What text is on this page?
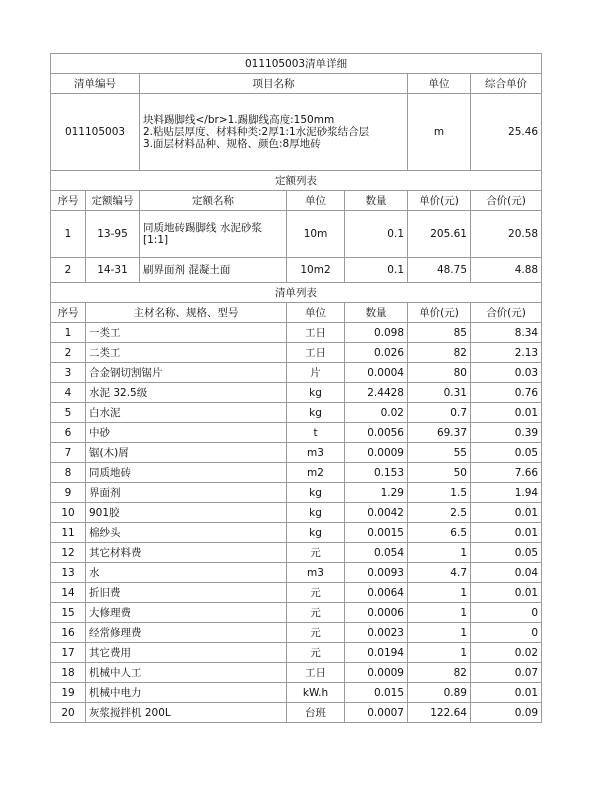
011105003清单详细						
清单编号		项目名称			单位	综合单价
011105003		块料踢脚线</br>1.踢脚线高度:150mm
2.粘贴层厚度、材料种类:2厚1:1水泥砂浆结合层
3.面层材料品种、规格、颜色:8厚地砖			m	25.46
定额列表						
序号	定额编号	定额名称	单位	数量	单价(元)	合价(元)
1	13-95	同质地砖踢脚线 水泥砂浆[1:1]	10m	0.1	205.61	20.58
2	14-31	刷界面剂 混凝土面	10m2	0.1	48.75	4.88
清单列表						
序号	主材名称、规格、型号		单位	数量	单价(元)	合价(元)
1	一类工		工日	0.098	85	8.34
2	二类工		工日	0.026	82	2.13
3	合金钢切割锯片		片	0.0004	80	0.03
4	水泥 32.5级		kg	2.4428	0.31	0.76
5	白水泥		kg	0.02	0.7	0.01
6	中砂		t	0.0056	69.37	0.39
7	锯(木)屑		m3	0.0009	55	0.05
8	同质地砖		m2	0.153	50	7.66
9	界面剂		kg	1.29	1.5	1.94
10	901胶		kg	0.0042	2.5	0.01
11	棉纱头		kg	0.0015	6.5	0.01
12	其它材料费		元	0.054	1	0.05
13	水		m3	0.0093	4.7	0.04
14	折旧费		元	0.0064	1	0.01
15	大修理费		元	0.0006	1	0
16	经常修理费		元	0.0023	1	0
17	其它费用		元	0.0194	1	0.02
18	机械中人工		工日	0.0009	82	0.07
19	机械中电力		kW.h	0.015	0.89	0.01
20	灰浆搅拌机 200L		台班	0.0007	122.64	0.09
